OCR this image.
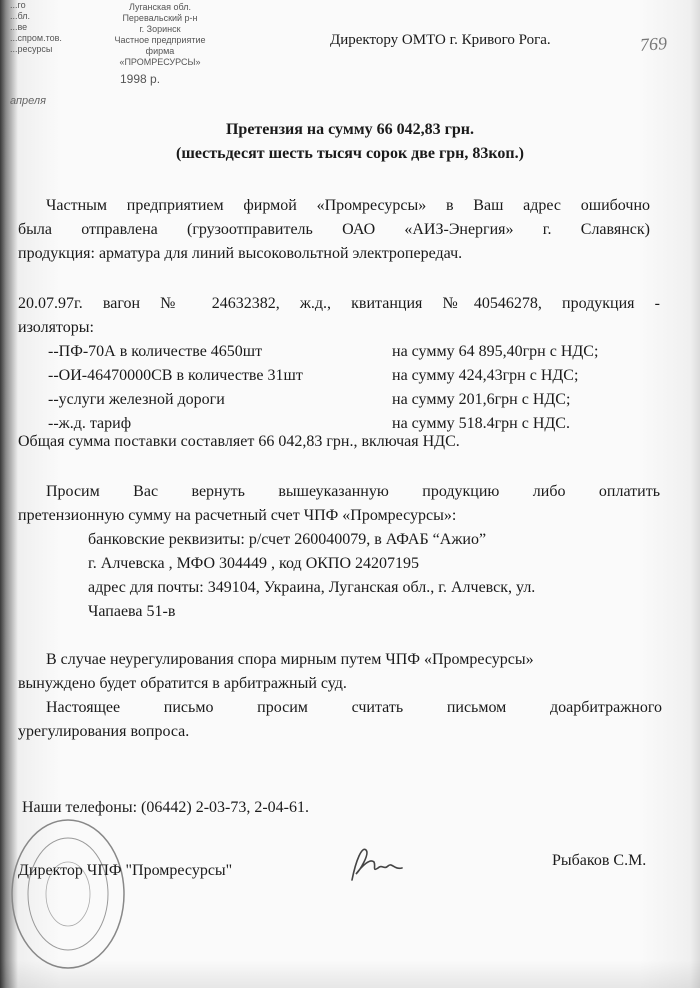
...го
...бл.
...ве
...спром.тов.
...ресурсы
Луганская обл.
Перевальский р-н
г. Зоринск
Частное предприятие
фирма
«ПРОМРЕСУРСЫ»
1998 р.
апреля
769
Директору ОМТО г. Кривого Рога.
Претензия на сумму 66 042,83 грн.
(шестьдесят шесть тысяч сорок две грн, 83коп.)
Частным предприятием фирмой «Промресурсы» в Ваш адрес ошибочно
была отправлена (грузоотправитель ОАО «АИЗ-Энергия» г. Славянск)
продукция: арматура для линий высоковольтной электропередач.
20.07.97г. вагон № 24632382, ж.д., квитанция №40546278, продукция -
изоляторы:
--ПФ-70А в количестве 4650шт	на сумму 64 895,40грн с НДС;
--ОИ-46470000СВ в количестве 31шт	на сумму 424,43грн с НДС;
--услуги железной дороги	на сумму 201,6грн с НДС;
--ж.д. тариф	на сумму 518.4грн с НДС.
Общая сумма поставки составляет 66 042,83 грн., включая НДС.
Просим Вас вернуть вышеуказанную продукцию либо оплатить
претензионную сумму на расчетный счет ЧПФ «Промресурсы»:
банковские реквизиты: р/счет 260040079, в АФАБ “Ажио”
г. Алчевска , МФО 304449 , код ОКПО 24207195
адрес для почты: 349104, Украина, Луганская обл., г. Алчевск, ул.
Чапаева 51-в
В случае неурегулирования спора мирным путем ЧПФ «Промресурсы»
вынуждено будет обратится в арбитражный суд.
Настоящее письмо просим считать письмом доарбитражного
урегулирования вопроса.
Наши телефоны: (06442) 2-03-73, 2-04-61.
Директор ЧПФ "Промресурсы"
Рыбаков С.М.
